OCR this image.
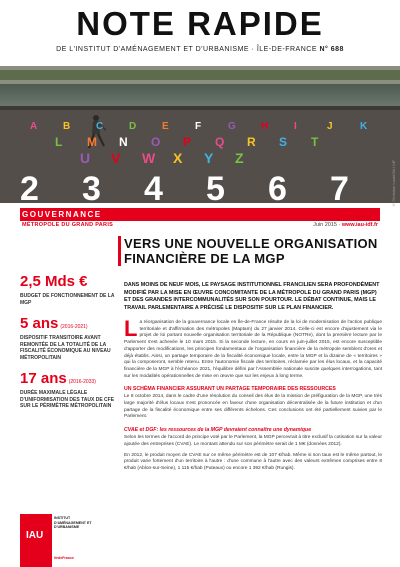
NOTE RAPIDE
DE L'INSTITUT D'AMÉNAGEMENT ET D'URBANISME · ÎLE-DE-FRANCE N° 688
A	B	C	D	E	F	G	H	I	J	K
L M N O P Q R S T
U V W X Y Z
2 3 4 5 6 7	© Christian Lauté/IAU îdF
GOUVERNANCE
MÉTROPOLE DU GRAND PARIS	Juin 2015 · www.iau-idf.fr
2,5 Mds €
BUDGET DE FONCTIONNEMENT DE LA MGP
5 ans (2016-2021)
DISPOSITIF TRANSITOIRE AVANT REMONTÉE DE LA TOTALITÉ DE LA FISCALITÉ ÉCONOMIQUE AU NIVEAU MÉTROPOLITAIN
17 ans (2016-2033)
DURÉE MAXIMALE LÉGALE D'UNIFORMISATION DES TAUX DE CFE SUR LE PÉRIMÈTRE MÉTROPOLITAIN
VERS UNE NOUVELLE ORGANISATION FINANCIÈRE DE LA MGP
DANS MOINS DE NEUF MOIS, LE PAYSAGE INSTITUTIONNEL FRANCILIEN SERA PROFONDÉMENT MODIFIÉ PAR LA MISE EN ŒUVRE CONCOMITANTE DE LA MÉTROPOLE DU GRAND PARIS (MGP) ET DES GRANDES INTERCOMMUNALITÉS SUR SON POURTOUR. LE DÉBAT CONTINUE, MAIS LE TRAVAIL PARLEMENTAIRE A PRÉCISÉ LE DISPOSITIF SUR LE PLAN FINANCIER.
La réorganisation de la gouvernance locale en Île-de-France résulte de la loi de modernisation de l'action publique territoriale et d'affirmation des métropoles (Maptam) du 27 janvier 2014. Celle-ci est encore d'ajustement via le projet de loi portant nouvelle organisation territoriale de la République (NOTRe), dont la première lecture par le Parlement s'est achevée le 10 mars 2015. Si la seconde lecture, en cours en juin-juillet 2015, est encore susceptible d'apporter des modifications, les principes fondamentaux de l'organisation financière de la métropole semblent d'ores et déjà établis. Ainsi, un partage temporaire de la fiscalité économique locale, entre la MGP et la dizaine de « territoires » qui la composeront, semble retenu. Entre l'autonomie fiscale des territoires, réclamée par les élus locaux, et la capacité financière de la MGP à l'échéance 2021, l'équilibre défini par l'Assemblée nationale suscite quelques interrogations, tant sur les modalités opérationnelles de mise en œuvre que sur les enjeux à long terme.
UN SCHÉMA FINANCIER ASSURANT UN PARTAGE TEMPORAIRE DES RESSOURCES
Le 8 octobre 2014, dans le cadre d'une résolution du conseil des élus de la mission de préfiguration de la MGP, une très large majorité d'élus locaux s'est prononcée en faveur d'une organisation décentralisée de la future institution et d'un partage de la fiscalité économique entre ses différents échelons. Ces conclusions ont été partiellement suivies par le Parlement.
CVAE et DGF: les ressources de la MGP devraient connaître une dynamique
Selon les termes de l'accord de principe voté par le Parlement, la MGP percevrait à titre exclusif la cotisation sur la valeur ajoutée des entreprises (CVAE). Le montant attendu sur son périmètre serait de 1 M€ (données 2012).
En 2012, le produit moyen de CVAE sur ce même périmètre est de 107 €/hab. Même si son taux est le même partout, le produit varie fortement d'un territoire à l'autre : d'une commune à l'autre avec des valeurs extrêmes comprises entre 8 €/hab (Ablon-sur-Seine), 1 115 €/hab (Puteaux) ou encore 1 392 €/hab (Rungis).
IAU
INSTITUT D'AMÉNAGEMENT ET D'URBANISME
îledeFrance
